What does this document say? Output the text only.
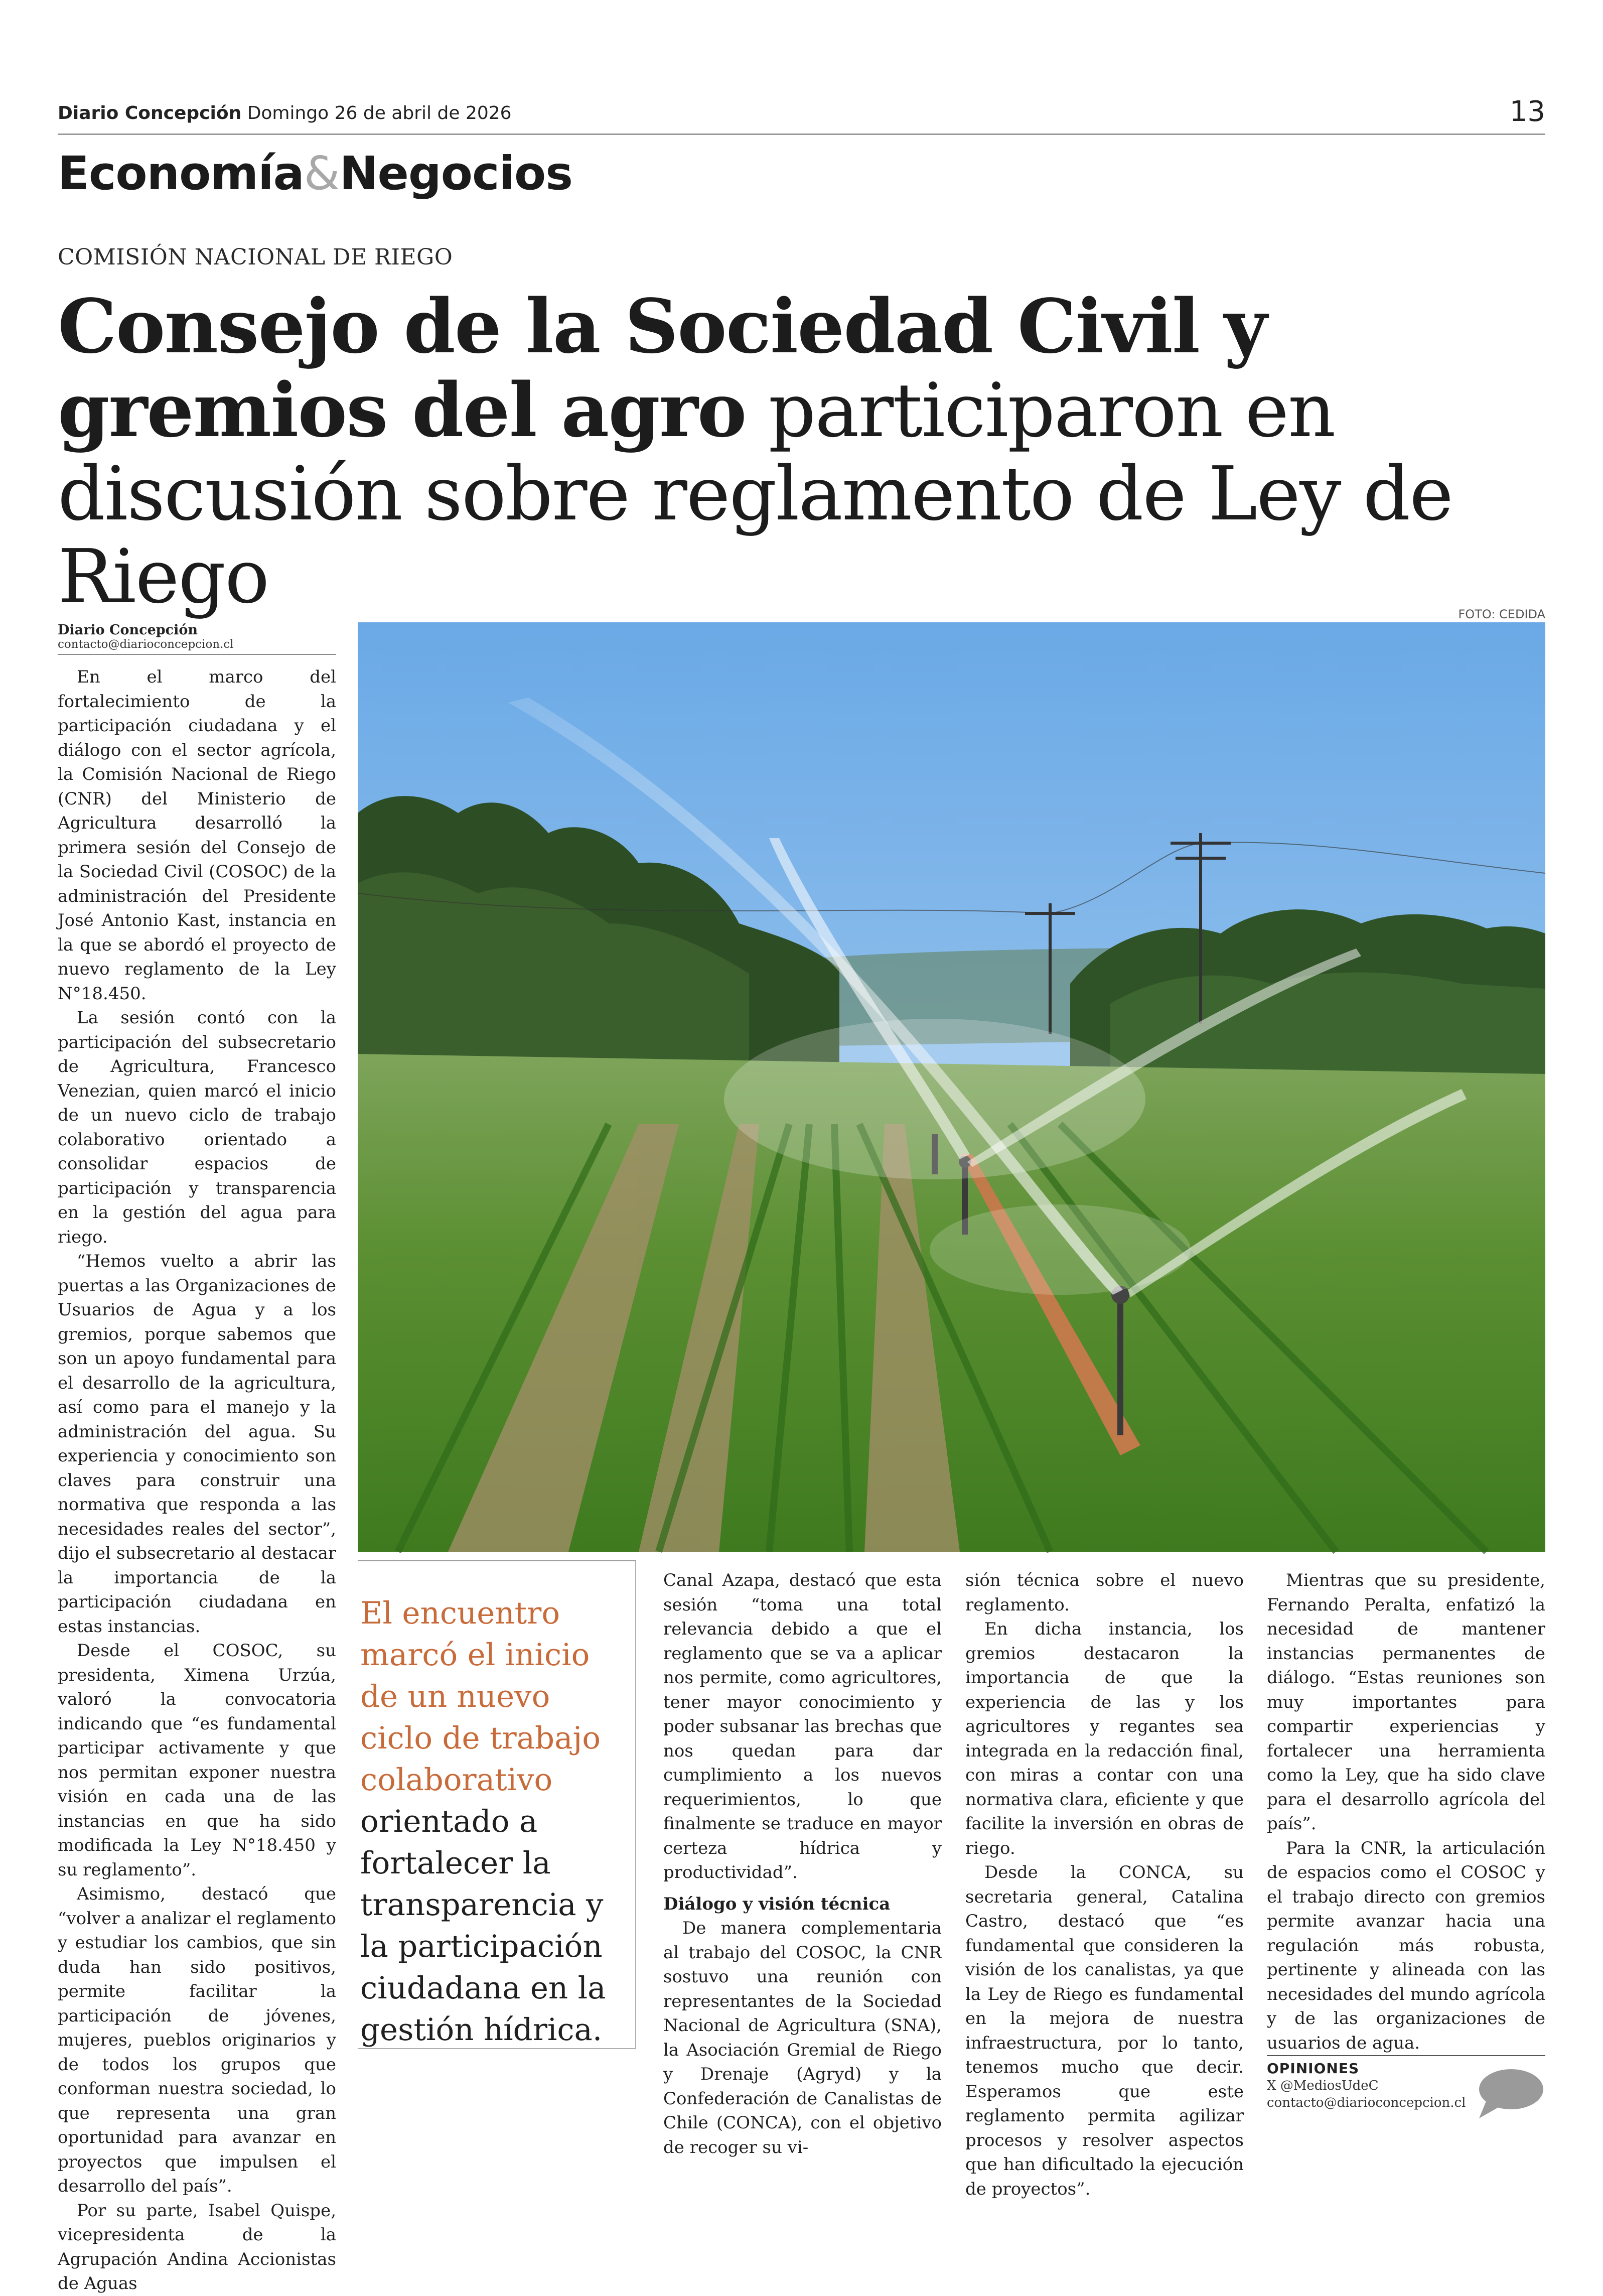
Diario Concepción Domingo 26 de abril de 2026	13
Economía&Negocios
COMISIÓN NACIONAL DE RIEGO
Consejo de la Sociedad Civil y gremios del agro participaron en discusión sobre reglamento de Ley de Riego
Diario Concepción
contacto@diarioconcepcion.cl
FOTO: CEDIDA

En el marco del fortalecimiento de la participación ciudadana y el diálogo con el sector agrícola, la Comisión Nacional de Riego (CNR) del Ministerio de Agricultura desarrolló la primera sesión del Consejo de la Sociedad Civil (COSOC) de la administración del Presidente José Antonio Kast, instancia en la que se abordó el proyecto de nuevo reglamento de la Ley N°18.450.

La sesión contó con la participación del subsecretario de Agricultura, Francesco Venezian, quien marcó el inicio de un nuevo ciclo de trabajo colaborativo orientado a consolidar espacios de participación y transparencia en la gestión del agua para riego.

“Hemos vuelto a abrir las puertas a las Organizaciones de Usuarios de Agua y a los gremios, porque sabemos que son un apoyo fundamental para el desarrollo de la agricultura, así como para el manejo y la administración del agua. Su experiencia y conocimiento son claves para construir una normativa que responda a las necesidades reales del sector”, dijo el subsecretario al destacar la importancia de la participación ciudadana en estas instancias.

Desde el COSOC, su presidenta, Ximena Urzúa, valoró la convocatoria indicando que “es fundamental participar activamente y que nos permitan exponer nuestra visión en cada una de las instancias en que ha sido modificada la Ley N°18.450 y su reglamento”.

Asimismo, destacó que “volver a analizar el reglamento y estudiar los cambios, que sin duda han sido positivos, permite facilitar la participación de jóvenes, mujeres, pueblos originarios y de todos los grupos que conforman nuestra sociedad, lo que representa una gran oportunidad para avanzar en proyectos que impulsen el desarrollo del país”.

Por su parte, Isabel Quispe, vicepresidenta de la Agrupación Andina Accionistas de Aguas

El encuentro marcó el inicio de un nuevo ciclo de trabajo colaborativo orientado a fortalecer la transparencia y la participación ciudadana en la gestión hídrica.

Canal Azapa, destacó que esta sesión “toma una total relevancia debido a que el reglamento que se va a aplicar nos permite, como agricultores, tener mayor conocimiento y poder subsanar las brechas que nos quedan para dar cumplimiento a los nuevos requerimientos, lo que finalmente se traduce en mayor certeza hídrica y productividad”.

Diálogo y visión técnica

De manera complementaria al trabajo del COSOC, la CNR sostuvo una reunión con representantes de la Sociedad Nacional de Agricultura (SNA), la Asociación Gremial de Riego y Drenaje (Agryd) y la Confederación de Canalistas de Chile (CONCA), con el objetivo de recoger su vi-

sión técnica sobre el nuevo reglamento.

En dicha instancia, los gremios destacaron la importancia de que la experiencia de las y los agricultores y regantes sea integrada en la redacción final, con miras a contar con una normativa clara, eficiente y que facilite la inversión en obras de riego.

Desde la CONCA, su secretaria general, Catalina Castro, destacó que “es fundamental que consideren la visión de los canalistas, ya que la Ley de Riego es fundamental en la mejora de nuestra infraestructura, por lo tanto, tenemos mucho que decir. Esperamos que este reglamento permita agilizar procesos y resolver aspectos que han dificultado la ejecución de proyectos”.

Mientras que su presidente, Fernando Peralta, enfatizó la necesidad de mantener instancias permanentes de diálogo. “Estas reuniones son muy importantes para compartir experiencias y fortalecer una herramienta como la Ley, que ha sido clave para el desarrollo agrícola del país”.

Para la CNR, la articulación de espacios como el COSOC y el trabajo directo con gremios permite avanzar hacia una regulación más robusta, pertinente y alineada con las necesidades del mundo agrícola y de las organizaciones de usuarios de agua.

OPINIONES
X @MediosUdeC
contacto@diarioconcepcion.cl
